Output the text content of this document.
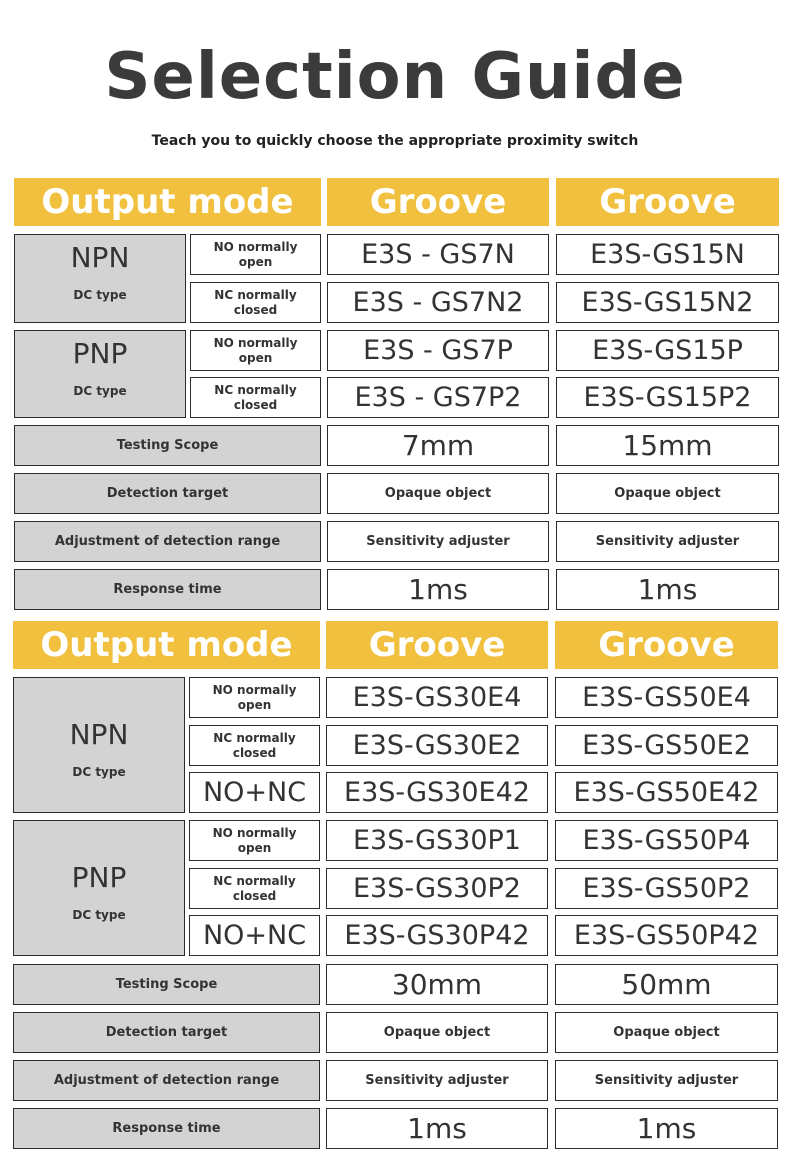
Selection Guide
Teach you to quickly choose the appropriate proximity switch
Output mode	Groove	Groove
NPN
DC type
NO normally open	E3S - GS7N	E3S-GS15N
NC normally closed	E3S - GS7N2	E3S-GS15N2
PNP
DC type
NO normally open	E3S - GS7P	E3S-GS15P
NC normally closed	E3S - GS7P2	E3S-GS15P2
Testing Scope	7mm	15mm
Detection target	Opaque object	Opaque object
Adjustment of detection range	Sensitivity adjuster	Sensitivity adjuster
Response time	1ms	1ms
Output mode	Groove	Groove
NPN
DC type
NO normally open	E3S-GS30E4	E3S-GS50E4
NC normally closed	E3S-GS30E2	E3S-GS50E2
NO+NC	E3S-GS30E42	E3S-GS50E42
PNP
DC type
NO normally open	E3S-GS30P1	E3S-GS50P4
NC normally closed	E3S-GS30P2	E3S-GS50P2
NO+NC	E3S-GS30P42	E3S-GS50P42
Testing Scope	30mm	50mm
Detection target	Opaque object	Opaque object
Adjustment of detection range	Sensitivity adjuster	Sensitivity adjuster
Response time	1ms	1ms
